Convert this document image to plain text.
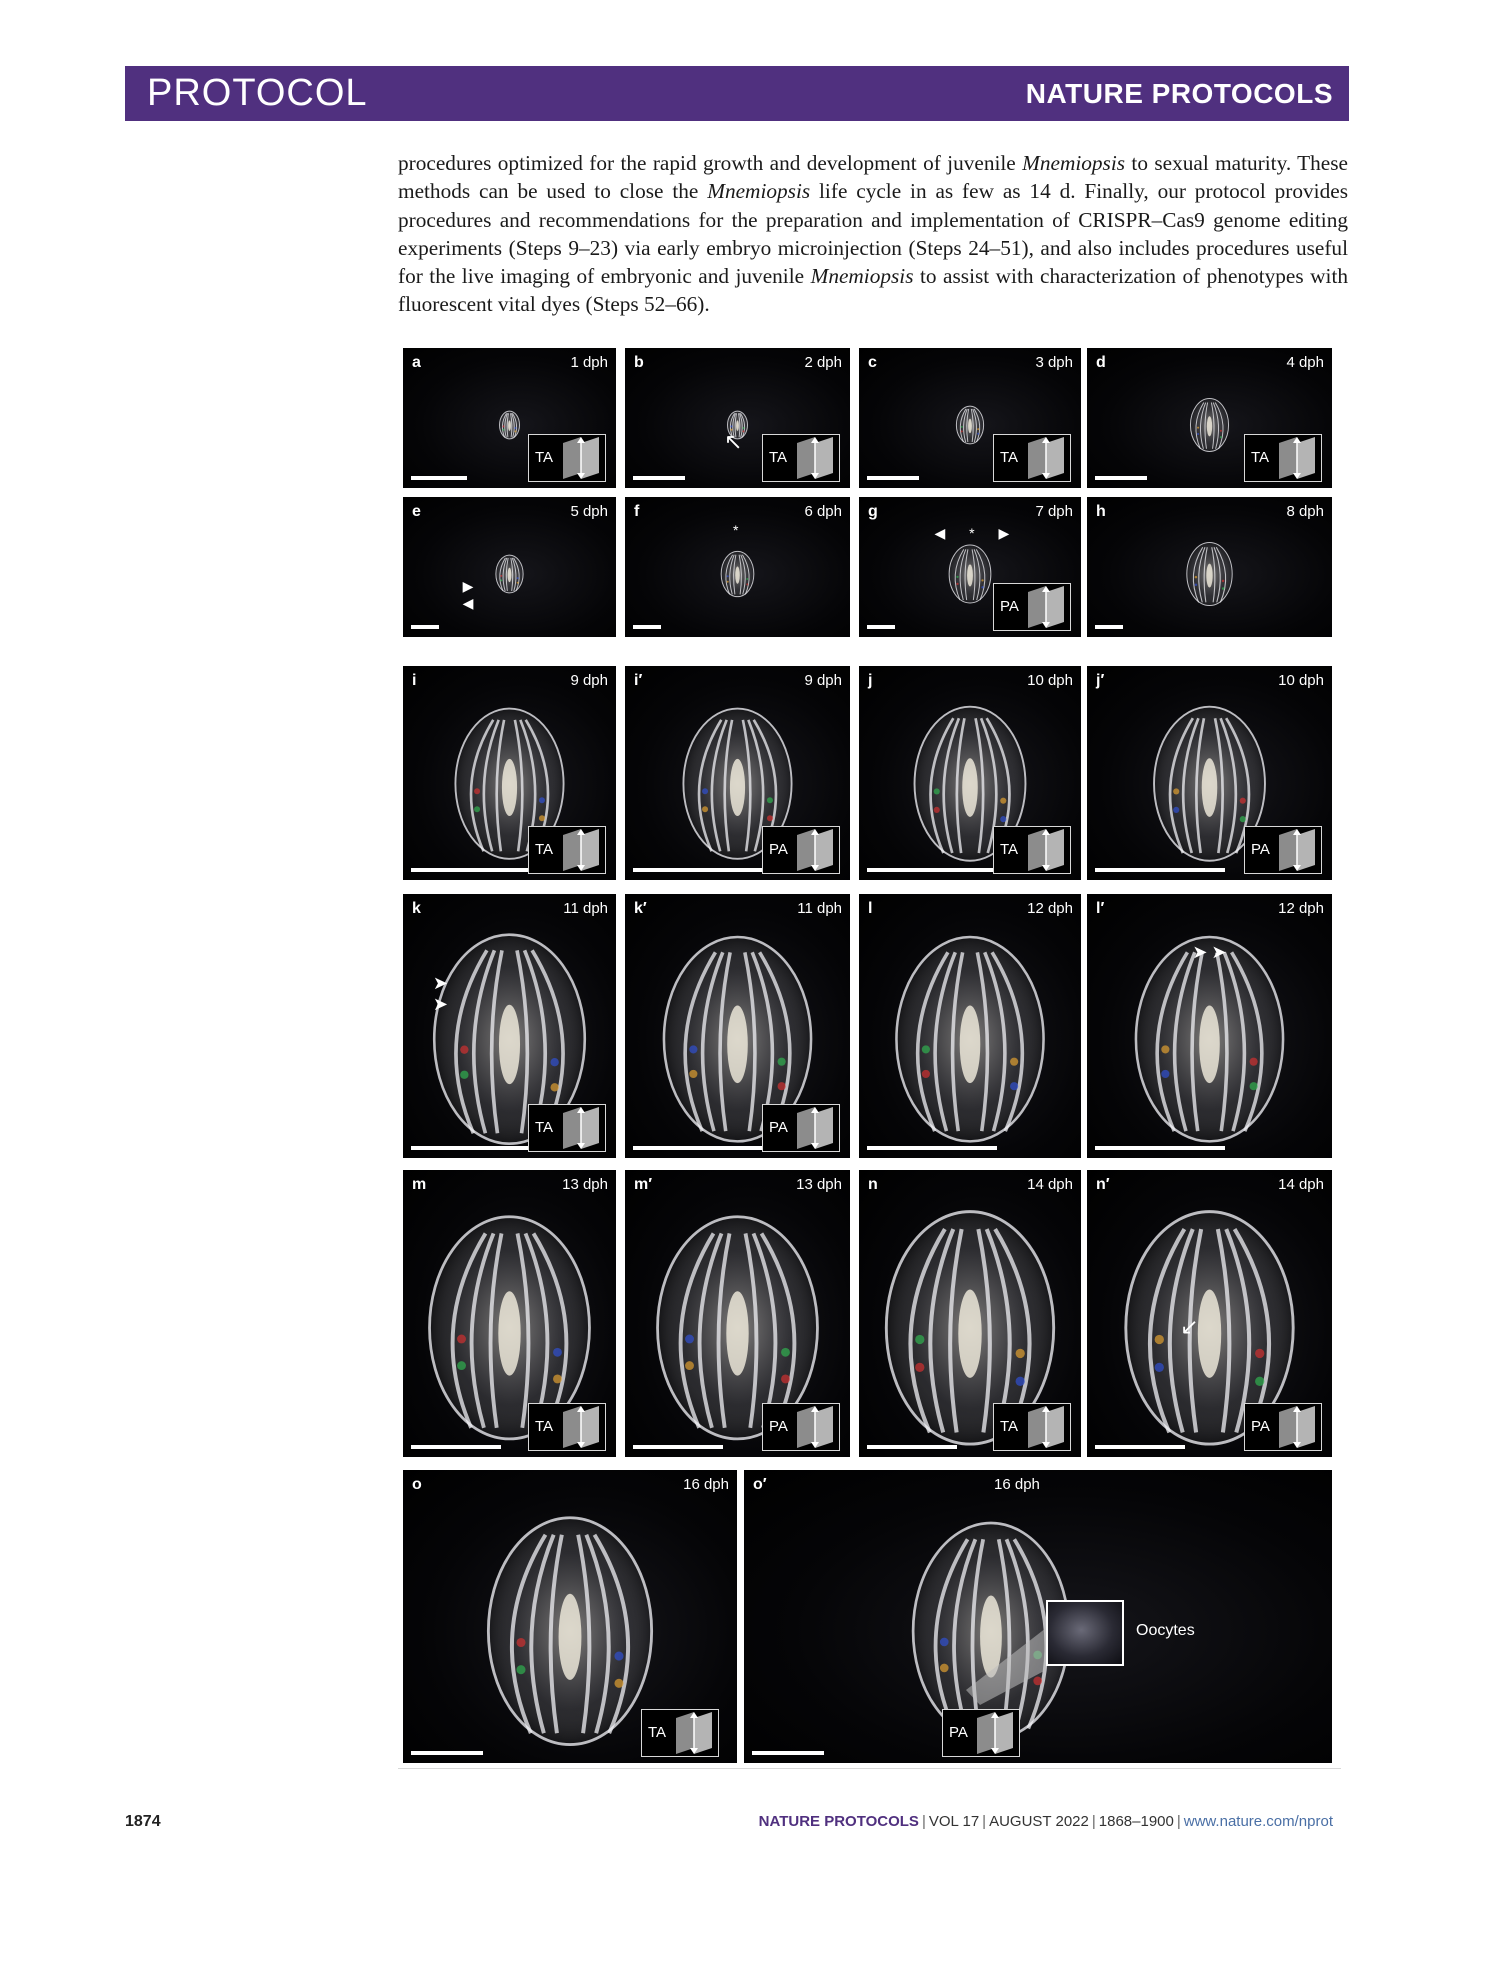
PROTOCOL	NATURE PROTOCOLS

procedures optimized for the rapid growth and development of juvenile Mnemiopsis to sexual maturity. These methods can be used to close the Mnemiopsis life cycle in as few as 14 d. Finally, our protocol provides procedures and recommendations for the preparation and implementation of CRISPR–Cas9 genome editing experiments (Steps 9–23) via early embryo microinjection (Steps 24–51), and also includes procedures useful for the live imaging of embryonic and juvenile Mnemiopsis to assist with characterization of phenotypes with fluorescent vital dyes (Steps 52–66).

a	1 dph
TA
b	2 dph
TA
↖
c	3 dph
TA
d	4 dph
TA
e	5 dph
▶ ◀
f	6 dph
*
g	7 dph
PA
◀ * ▶
h	8 dph
i	9 dph
TA
i′	9 dph
PA
j	10 dph
TA
j′	10 dph
PA
k	11 dph
TA
➤ ➤
k′	11 dph
PA
l	12 dph l′	12 dph
➤➤
m	13 dph
TA
m′	13 dph
PA
n	14 dph
TA
n′	14 dph
PA
↙
o	16 dph
TA
o′	16 dph
PA
Oocytes
1874	NATURE PROTOCOLS | VOL 17 | AUGUST 2022 | 1868–1900 | www.nature.com/nprot
